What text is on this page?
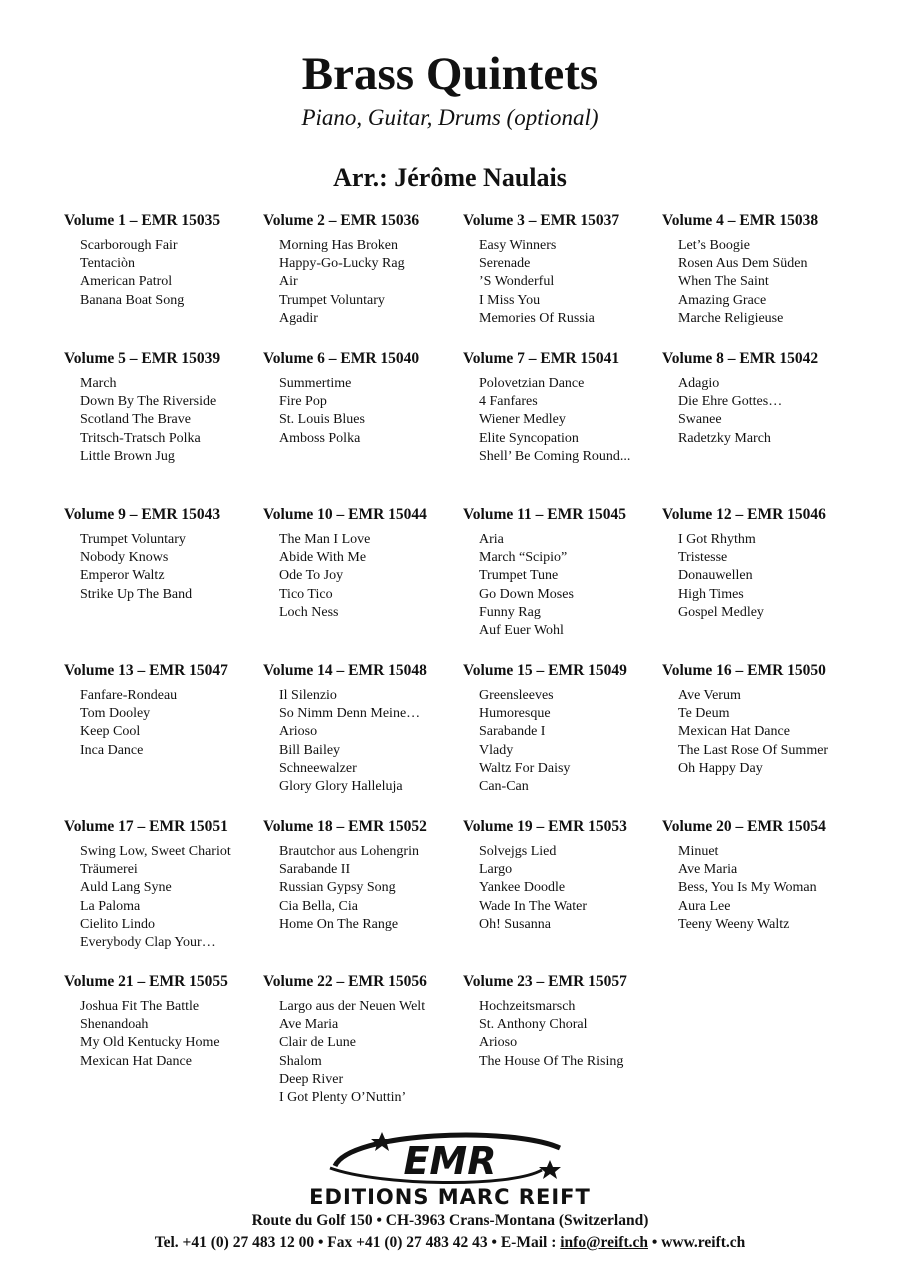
Brass Quintets
Piano, Guitar, Drums (optional)
Arr.: Jérôme Naulais
Volume 1 – EMR 15035
Scarborough Fair
Tentaciòn
American Patrol
Banana Boat Song
Volume 2 – EMR 15036
Morning Has Broken
Happy-Go-Lucky Rag
Air
Trumpet Voluntary
Agadir
Volume 3 – EMR 15037
Easy Winners
Serenade
’S Wonderful
I Miss You
Memories Of Russia
Volume 4 – EMR 15038
Let’s Boogie
Rosen Aus Dem Süden
When The Saint
Amazing Grace
Marche Religieuse
Volume 5 – EMR 15039
March
Down By The Riverside
Scotland The Brave
Tritsch-Tratsch Polka
Little Brown Jug
Volume 6 – EMR 15040
Summertime
Fire Pop
St. Louis Blues
Amboss Polka
Volume 7 – EMR 15041
Polovetzian Dance
4 Fanfares
Wiener Medley
Elite Syncopation
Shell’ Be Coming Round...
Volume 8 – EMR 15042
Adagio
Die Ehre Gottes…
Swanee
Radetzky March
Volume 9 – EMR 15043
Trumpet Voluntary
Nobody Knows
Emperor Waltz
Strike Up The Band
Volume 10 – EMR 15044
The Man I Love
Abide With Me
Ode To Joy
Tico Tico
Loch Ness
Volume 11 – EMR 15045
Aria
March “Scipio”
Trumpet Tune
Go Down Moses
Funny Rag
Auf Euer Wohl
Volume 12 – EMR 15046
I Got Rhythm
Tristesse
Donauwellen
High Times
Gospel Medley
Volume 13 – EMR 15047
Fanfare-Rondeau
Tom Dooley
Keep Cool
Inca Dance
Volume 14 – EMR 15048
Il Silenzio
So Nimm Denn Meine…
Arioso
Bill Bailey
Schneewalzer
Glory Glory Halleluja
Volume 15 – EMR 15049
Greensleeves
Humoresque
Sarabande I
Vlady
Waltz For Daisy
Can-Can
Volume 16 – EMR 15050
Ave Verum
Te Deum
Mexican Hat Dance
The Last Rose Of Summer
Oh Happy Day
Volume 17 – EMR 15051
Swing Low, Sweet Chariot
Träumerei
Auld Lang Syne
La Paloma
Cielito Lindo
Everybody Clap Your…
Volume 18 – EMR 15052
Brautchor aus Lohengrin
Sarabande II
Russian Gypsy Song
Cia Bella, Cia
Home On The Range
Volume 19 – EMR 15053
Solvejgs Lied
Largo
Yankee Doodle
Wade In The Water
Oh! Susanna
Volume 20 – EMR 15054
Minuet
Ave Maria
Bess, You Is My Woman
Aura Lee
Teeny Weeny Waltz
Volume 21 – EMR 15055
Joshua Fit The Battle
Shenandoah
My Old Kentucky Home
Mexican Hat Dance
Volume 22 – EMR 15056
Largo aus der Neuen Welt
Ave Maria
Clair de Lune
Shalom
Deep River
I Got Plenty O’Nuttin’
Volume 23 – EMR 15057
Hochzeitsmarsch
St. Anthony Choral
Arioso
The House Of The Rising
EMR
EDITIONS MARC REIFT
Route du Golf 150 • CH-3963 Crans-Montana (Switzerland)
Tel. +41 (0) 27 483 12 00 • Fax +41 (0) 27 483 42 43 • E-Mail : info@reift.ch • www.reift.ch
